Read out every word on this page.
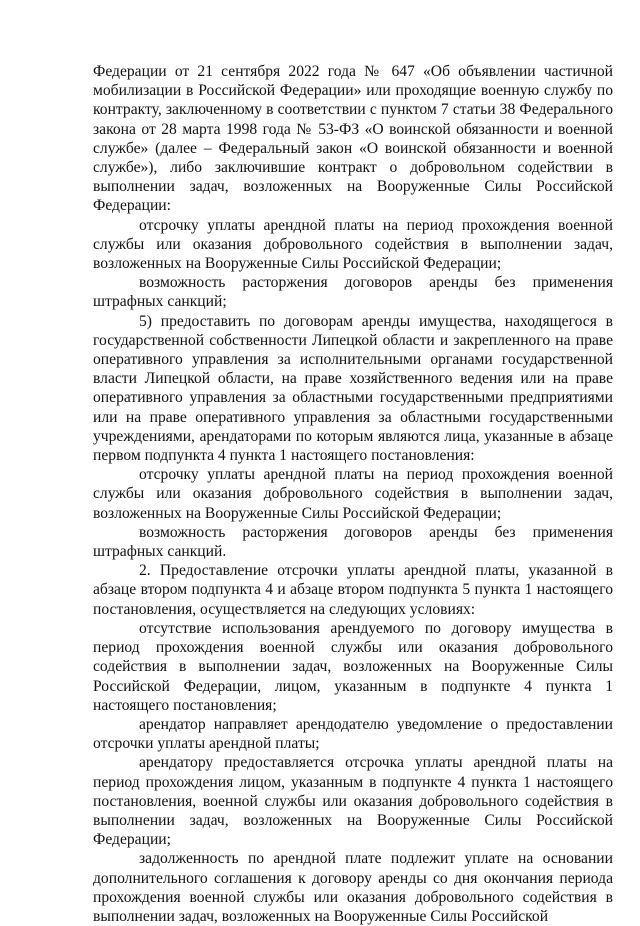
Федерации от 21 сентября 2022 года № 647 «Об объявлении частичной мобилизации в Российской Федерации» или проходящие военную службу по контракту, заключенному в соответствии с пунктом 7 статьи 38 Федерального закона от 28 марта 1998 года № 53-ФЗ «О воинской обязанности и военной службе» (далее – Федеральный закон «О воинской обязанности и военной службе»), либо заключившие контракт о добровольном содействии в выполнении задач, возложенных на Вооруженные Силы Российской Федерации:

отсрочку уплаты арендной платы на период прохождения военной службы или оказания добровольного содействия в выполнении задач, возложенных на Вооруженные Силы Российской Федерации;

возможность расторжения договоров аренды без применения штрафных санкций;

5) предоставить по договорам аренды имущества, находящегося в государственной собственности Липецкой области и закрепленного на праве оперативного управления за исполнительными органами государственной власти Липецкой области, на праве хозяйственного ведения или на праве оперативного управления за областными государственными предприятиями или на праве оперативного управления за областными государственными учреждениями, арендаторами по которым являются лица, указанные в абзаце первом подпункта 4 пункта 1 настоящего постановления:

отсрочку уплаты арендной платы на период прохождения военной службы или оказания добровольного содействия в выполнении задач, возложенных на Вооруженные Силы Российской Федерации;

возможность расторжения договоров аренды без применения штрафных санкций.

2. Предоставление отсрочки уплаты арендной платы, указанной в абзаце втором подпункта 4 и абзаце втором подпункта 5 пункта 1 настоящего постановления, осуществляется на следующих условиях:

отсутствие использования арендуемого по договору имущества в период прохождения военной службы или оказания добровольного содействия в выполнении задач, возложенных на Вооруженные Силы Российской Федерации, лицом, указанным в подпункте 4 пункта 1 настоящего постановления;

арендатор направляет арендодателю уведомление о предоставлении отсрочки уплаты арендной платы;

арендатору предоставляется отсрочка уплаты арендной платы на период прохождения лицом, указанным в подпункте 4 пункта 1 настоящего постановления, военной службы или оказания добровольного содействия в выполнении задач, возложенных на Вооруженные Силы Российской Федерации;

задолженность по арендной плате подлежит уплате на основании дополнительного соглашения к договору аренды со дня окончания периода прохождения военной службы или оказания добровольного содействия в выполнении задач, возложенных на Вооруженные Силы Российской
